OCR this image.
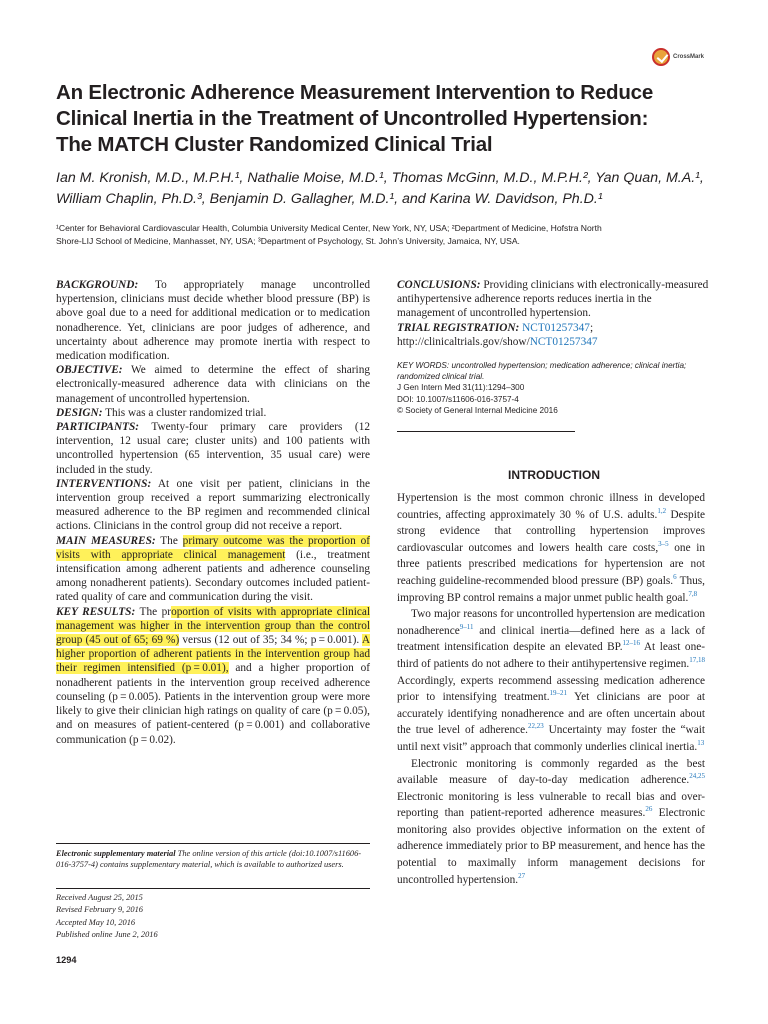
CrossMark
An Electronic Adherence Measurement Intervention to Reduce
Clinical Inertia in the Treatment of Uncontrolled Hypertension:
The MATCH Cluster Randomized Clinical Trial
Ian M. Kronish, M.D., M.P.H.¹, Nathalie Moise, M.D.¹, Thomas McGinn, M.D., M.P.H.², Yan Quan, M.A.¹,
William Chaplin, Ph.D.³, Benjamin D. Gallagher, M.D.¹, and Karina W. Davidson, Ph.D.¹
¹Center for Behavioral Cardiovascular Health, Columbia University Medical Center, New York, NY, USA; ²Department of Medicine, Hofstra North
Shore-LIJ School of Medicine, Manhasset, NY, USA; ³Department of Psychology, St. John’s University, Jamaica, NY, USA.

BACKGROUND: To appropriately manage uncontrolled hypertension, clinicians must decide whether blood pressure (BP) is above goal due to a need for additional medication or to medication nonadherence. Yet, clinicians are poor judges of adherence, and uncertainty about adherence may promote inertia with respect to medication modification.

OBJECTIVE: We aimed to determine the effect of sharing electronically-measured adherence data with clinicians on the management of uncontrolled hypertension.

DESIGN: This was a cluster randomized trial.

PARTICIPANTS: Twenty-four primary care providers (12 intervention, 12 usual care; cluster units) and 100 patients with uncontrolled hypertension (65 intervention, 35 usual care) were included in the study.

INTERVENTIONS: At one visit per patient, clinicians in the intervention group received a report summarizing electronically measured adherence to the BP regimen and recommended clinical actions. Clinicians in the control group did not receive a report.

MAIN MEASURES: The primary outcome was the proportion of visits with appropriate clinical management (i.e., treatment intensification among adherent patients and adherence counseling among nonadherent patients). Secondary outcomes included patient-rated quality of care and communication during the visit.

KEY RESULTS: The proportion of visits with appropriate clinical management was higher in the intervention group than the control group (45 out of 65; 69 %) versus (12 out of 35; 34 %; p = 0.001). A higher proportion of adherent patients in the intervention group had their regimen intensified (p = 0.01), and a higher proportion of nonadherent patients in the intervention group received adherence counseling (p = 0.005). Patients in the intervention group were more likely to give their clinician high ratings on quality of care (p = 0.05), and on measures of patient-centered (p = 0.001) and collaborative communication (p = 0.02).

CONCLUSIONS: Providing clinicians with electronically-measured antihypertensive adherence reports reduces inertia in the management of uncontrolled hypertension.

TRIAL REGISTRATION: NCT01257347; http://clinicaltrials.gov/show/NCT01257347

KEY WORDS: uncontrolled hypertension; medication adherence; clinical inertia; randomized clinical trial.

J Gen Intern Med 31(11):1294–300

DOI: 10.1007/s11606-016-3757-4

© Society of General Internal Medicine 2016

INTRODUCTION

Hypertension is the most common chronic illness in developed countries, affecting approximately 30 % of U.S. adults.$^{1,2}$ Despite strong evidence that controlling hypertension improves cardiovascular outcomes and lowers health care costs,$^{3-5}$ one in three patients prescribed medications for hypertension are not reaching guideline-recommended blood pressure (BP) goals.$^6$ Thus, improving BP control remains a major unmet public health goal.$^{7,8}$

Two major reasons for uncontrolled hypertension are medication nonadherence$^{9-11}$ and clinical inertia—defined here as a lack of treatment intensification despite an elevated BP.$^{12-16}$ At least one-third of patients do not adhere to their antihypertensive regimen.$^{17,18}$ Accordingly, experts recommend assessing medication adherence prior to intensifying treatment.$^{19-21}$ Yet clinicians are poor at accurately identifying nonadherence and are often uncertain about the true level of adherence.$^{22,23}$ Uncertainty may foster the “wait until next visit” approach that commonly underlies clinical inertia.$^{13}$

Electronic monitoring is commonly regarded as the best available measure of day-to-day medication adherence.$^{24,25}$ Electronic monitoring is less vulnerable to recall bias and over-reporting than patient-reported adherence measures.$^{26}$ Electronic monitoring also provides objective information on the extent of adherence immediately prior to BP measurement, and hence has the potential to maximally inform management decisions for uncontrolled hypertension.$^{27}$

Electronic supplementary material The online version of this article (doi:10.1007/s11606-016-3757-4) contains supplementary material, which is available to authorized users.

Received August 25, 2015

Revised February 9, 2016

Accepted May 10, 2016

Published online June 2, 2016

1294
